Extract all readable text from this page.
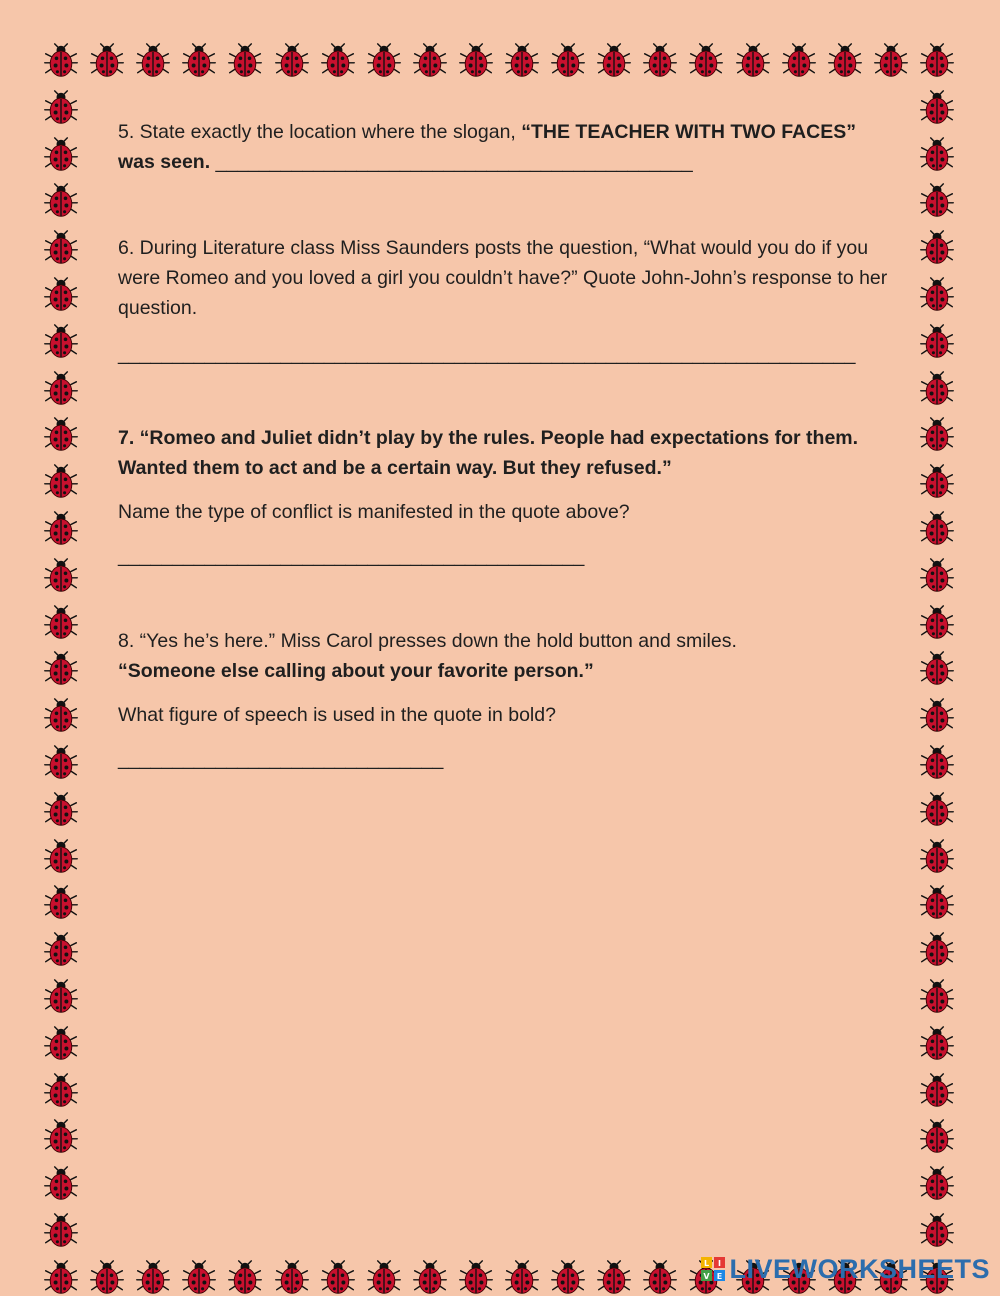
5. State exactly the location where the slogan, “THE TEACHER WITH TWO FACES” was seen. ____________________________________________
6. During Literature class Miss Saunders posts the question, “What would you do if you were Romeo and you loved a girl you couldn’t have?” Quote John-John’s response to her question.
____________________________________________________________________
7. “Romeo and Juliet didn’t play by the rules. People had expectations for them. Wanted them to act and be a certain way. But they refused.”
Name the type of conflict is manifested in the quote above?
___________________________________________
8. “Yes he’s here.” Miss Carol presses down the hold button and smiles.
“Someone else calling about your favorite person.”
What figure of speech is used in the quote in bold?
______________________________
L I
V E LIVEWORKSHEETS
